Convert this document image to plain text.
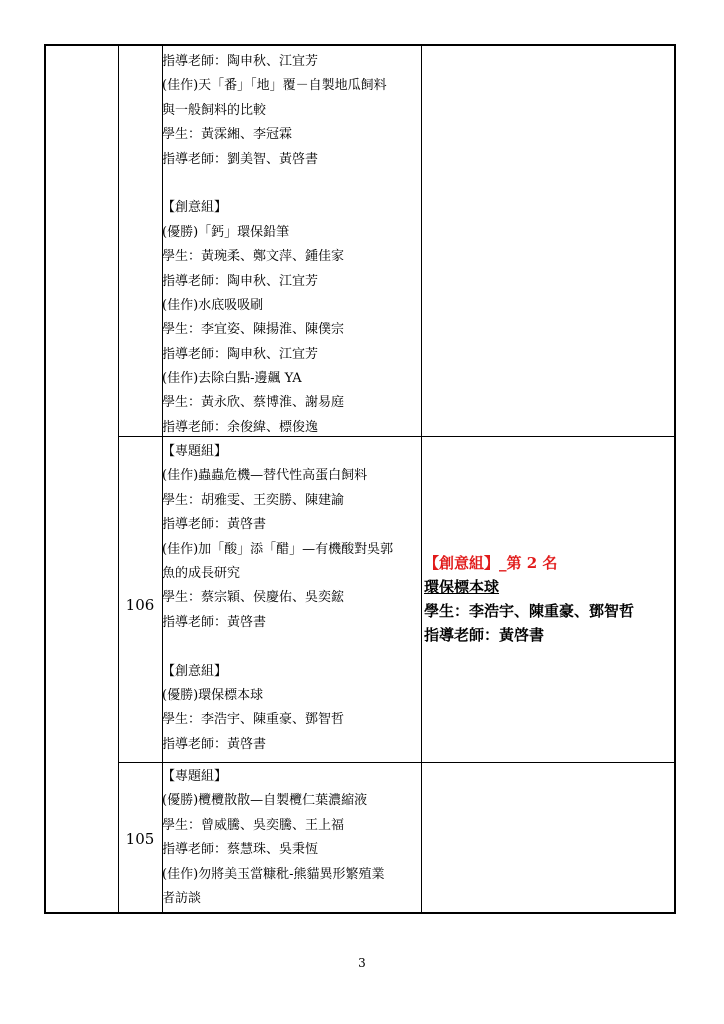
指導老師：陶申秋、江宜芳
(佳作)天「番」「地」覆－自製地瓜飼料
與一般飼料的比較
學生：黃霂緗、李冠霖
指導老師：劉美智、黃啓書
【創意組】
(優勝)「鈣」環保鉛筆
學生：黃琬柔、鄭文萍、鍾佳家
指導老師：陶申秋、江宜芳
(佳作)水底吸吸刷
學生：李宜姿、陳揚淮、陳僕宗
指導老師：陶申秋、江宜芳
(佳作)去除白點-邊飆 YA
學生：黃永欣、蔡博淮、謝易庭
指導老師：余俊緯、標俊逸
106
【專題組】
(佳作)蟲蟲危機—替代性高蛋白飼料
學生：胡雅雯、王奕勝、陳建諭
指導老師：黃啓書
(佳作)加「酸」添「醋」—有機酸對吳郭
魚的成長研究
學生：蔡宗穎、侯慶佑、吳奕鋐
指導老師：黃啓書
【創意組】
(優勝)環保標本球
學生：李浩宇、陳重豪、鄧智哲
指導老師：黃啓書
【創意組】_第 2 名
環保標本球
學生：李浩宇、陳重豪、鄧智哲
指導老師：黃啓書
105
【專題組】
(優勝)欖欖散散—自製欖仁葉濃縮液
學生：曾威騰、吳奕騰、王上福
指導老師：蔡慧珠、吳秉恆
(佳作)勿將美玉當糠秕-熊貓異形繁殖業
者訪談
3
